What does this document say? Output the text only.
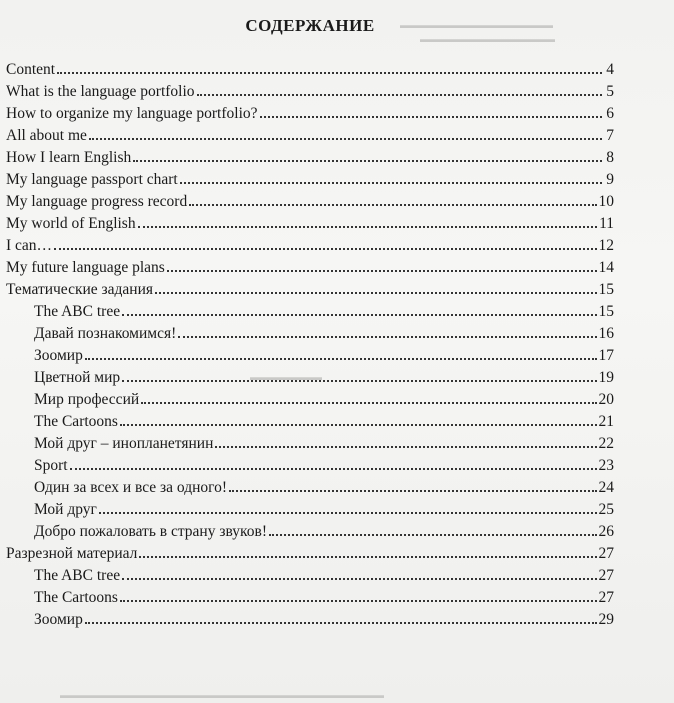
▬▬▬▬▬▬▬▬▬▬▬▬▬▬▬▬▬
▬▬▬▬▬▬▬▬▬▬▬▬▬▬▬
▬▬▬▬▬▬▬▬
▬▬▬▬▬▬▬▬▬▬▬▬▬▬▬▬▬▬▬▬▬▬▬▬▬▬▬▬▬▬▬▬▬▬▬▬
СОДЕРЖАНИЕ
Content	4
What is the language portfolio	5
How to organize my language portfolio?	6
All about me	7
How I learn English	8
My language passport chart	9
My language progress record	10
My world of English	11
I can…	12
My future language plans	14
Тематические задания	15
The ABC tree	15
Давай познакомимся!	16
Зоомир	17
Цветной мир	19
Мир профессий	20
The Cartoons	21
Мой друг – инопланетянин	22
Sport	23
Один за всех и все за одного!	24
Мой друг	25
Добро пожаловать в страну звуков!	26
Разрезной материал	27
The ABC tree	27
The Cartoons	27
Зоомир	29
